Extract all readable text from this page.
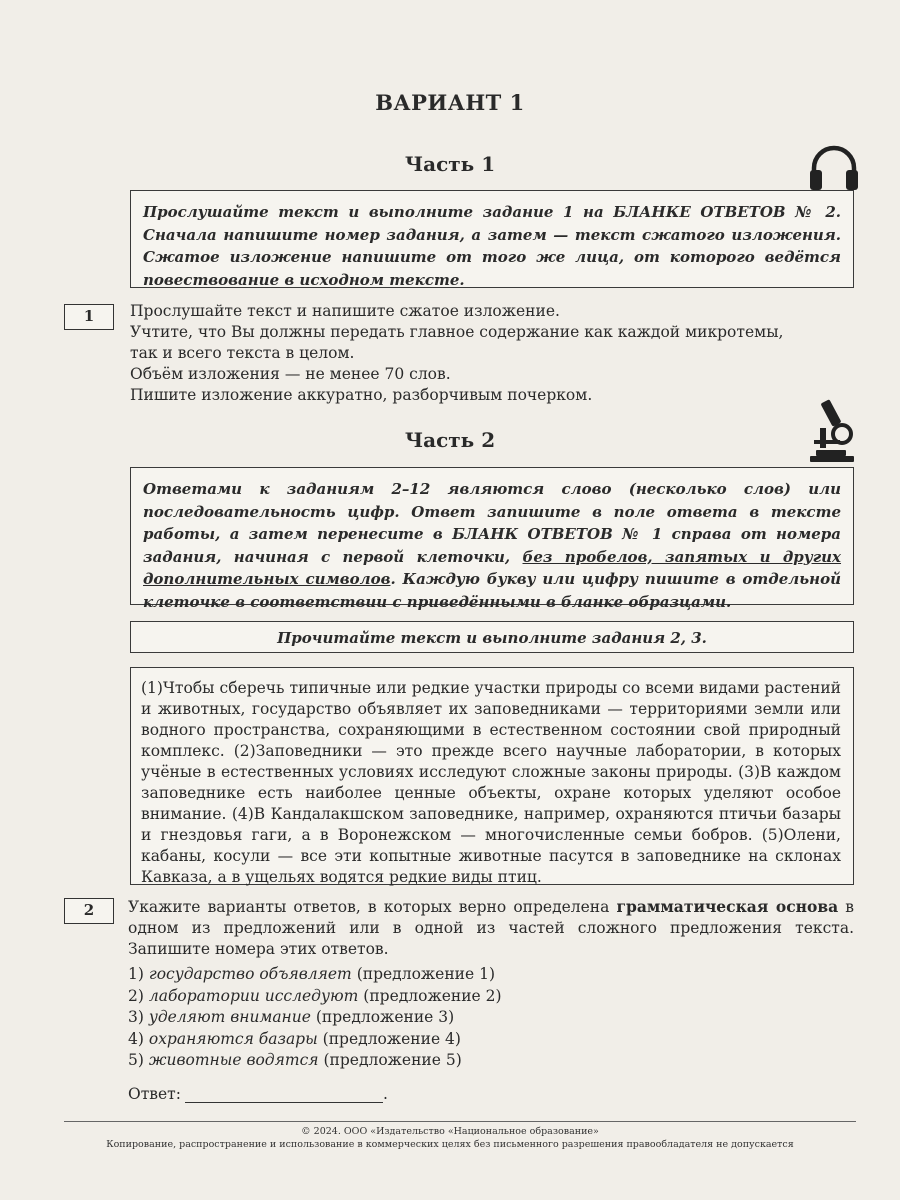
ВАРИАНТ 1
Часть 1
Прослушайте текст и выполните задание 1 на БЛАНКЕ ОТВЕТОВ № 2. Сначала напишите номер задания, а затем — текст сжатого изложения. Сжатое изложение напишите от того же лица, от которого ведётся повествование в исходном тексте.
1	Прослушайте текст и напишите сжатое изложение.

Учтите, что Вы должны передать главное содержание как каждой микротемы,

так и всего текста в целом.

Объём изложения — не менее 70 слов.

Пишите изложение аккуратно, разборчивым почерком.

Часть 2
Ответами к заданиям 2–12 являются слово (несколько слов) или последовательность цифр. Ответ запишите в поле ответа в тексте работы, а затем перенесите в БЛАНК ОТВЕТОВ № 1 справа от номера задания, начиная с первой клеточки, без пробелов, запятых и других дополнительных символов. Каждую букву или цифру пишите в отдельной клеточке в соответствии с приведёнными в бланке образцами.
Прочитайте текст и выполните задания 2, 3.
(1)Чтобы сберечь типичные или редкие участки природы со всеми видами растений и животных, государство объявляет их заповедниками — территориями земли или водного пространства, сохраняющими в естественном состоянии свой природный комплекс. (2)Заповедники — это прежде всего научные лаборатории, в которых учёные в естественных условиях исследуют сложные законы природы. (3)В каждом заповеднике есть наиболее ценные объекты, охране которых уделяют особое внимание. (4)В Кандалакшском заповеднике, например, охраняются птичьи базары и гнездовья гаги, а в Воронежском — многочисленные семьи бобров. (5)Олени, кабаны, косули — все эти копытные животные пасутся в заповеднике на склонах Кавказа, а в ущельях водятся редкие виды птиц.
2	Укажите варианты ответов, в которых верно определена грамматическая основа в одном из предложений или в одной из частей сложного предложения текста. Запишите номера этих ответов.
1) государство объявляет (предложение 1)
2) лаборатории исследуют (предложение 2)
3) уделяют внимание (предложение 3)
4) охраняются базары (предложение 4)
5) животные водятся (предложение 5)
Ответ:	.
© 2024. ООО «Издательство «Национальное образование»
Копирование, распространение и использование в коммерческих целях без письменного разрешения правообладателя не допускается
